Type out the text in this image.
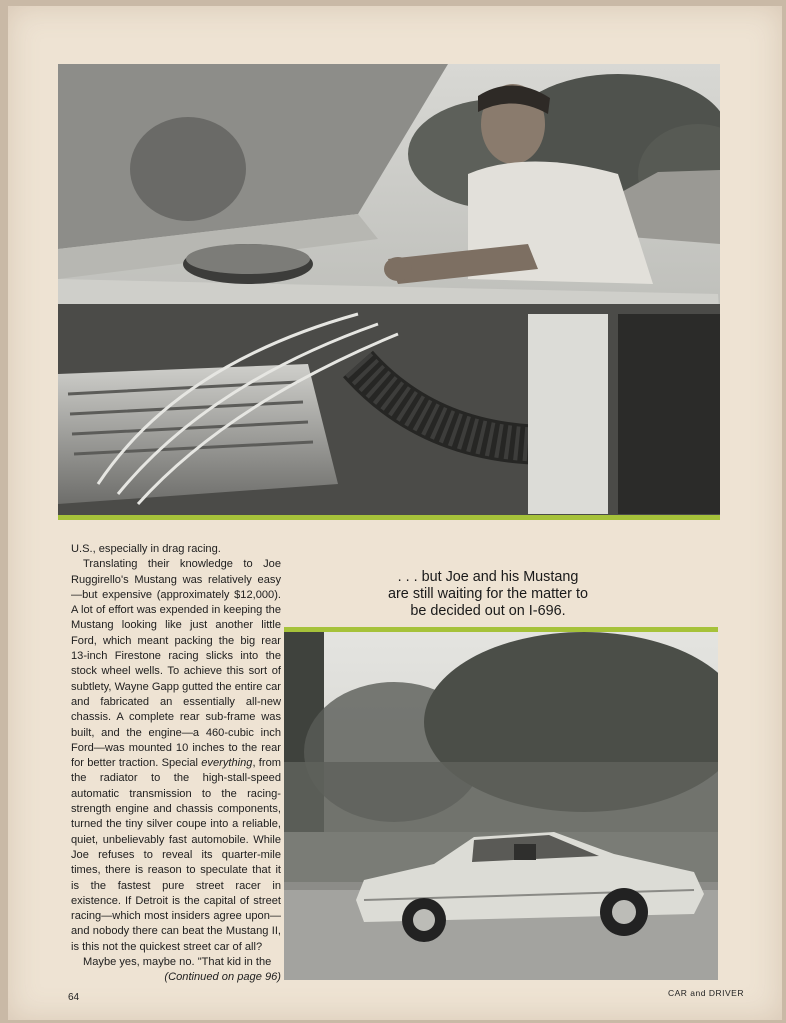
U.S., especially in drag racing.

Translating their knowledge to Joe Ruggirello's Mustang was relatively easy—but expensive (approximately $12,000). A lot of effort was expended in keeping the Mustang looking like just another little Ford, which meant packing the big rear 13-inch Firestone racing slicks into the stock wheel wells. To achieve this sort of subtlety, Wayne Gapp gutted the entire car and fabricated an essentially all-new chassis. A complete rear sub-frame was built, and the engine—a 460-cubic inch Ford—was mounted 10 inches to the rear for better traction. Special everything, from the radiator to the high-stall-speed automatic transmission to the racing-strength engine and chassis components, turned the tiny silver coupe into a reliable, quiet, unbelievably fast automobile. While Joe refuses to reveal its quarter-mile times, there is reason to speculate that it is the fastest pure street racer in existence. If Detroit is the capital of street racing—which most insiders agree upon—and nobody there can beat the Mustang II, is this not the quickest street car of all?

Maybe yes, maybe no. "That kid in the

(Continued on page 96)

. . . but Joe and his Mustang
are still waiting for the matter to
be decided out on I-696.
64	CAR and DRIVER
